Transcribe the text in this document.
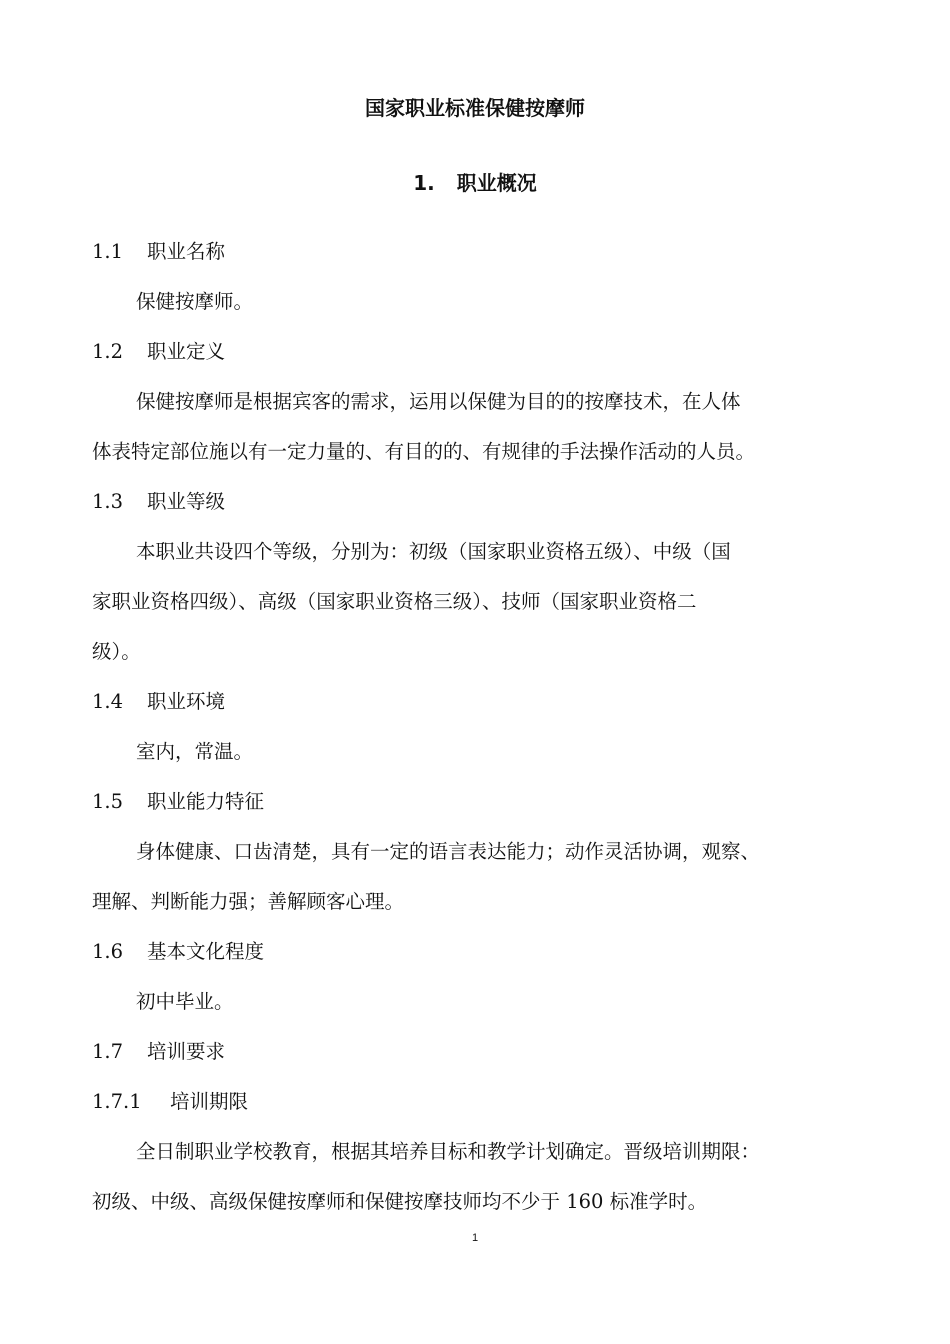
国家职业标准保健按摩师
1. 职业概况
1.1 职业名称
保健按摩师。
1.2 职业定义
保健按摩师是根据宾客的需求，运用以保健为目的的按摩技术，在人体
体表特定部位施以有一定力量的、有目的的、有规律的手法操作活动的人员。
1.3 职业等级
本职业共设四个等级，分别为：初级（国家职业资格五级）、中级（国
家职业资格四级）、高级（国家职业资格三级）、技师（国家职业资格二
级）。
1.4 职业环境
室内，常温。
1.5 职业能力特征
身体健康、口齿清楚，具有一定的语言表达能力；动作灵活协调，观察、
理解、判断能力强；善解顾客心理。
1.6 基本文化程度
初中毕业。
1.7 培训要求
1.7.1 培训期限
全日制职业学校教育，根据其培养目标和教学计划确定。晋级培训期限：
初级、中级、高级保健按摩师和保健按摩技师均不少于 160 标准学时。
1
